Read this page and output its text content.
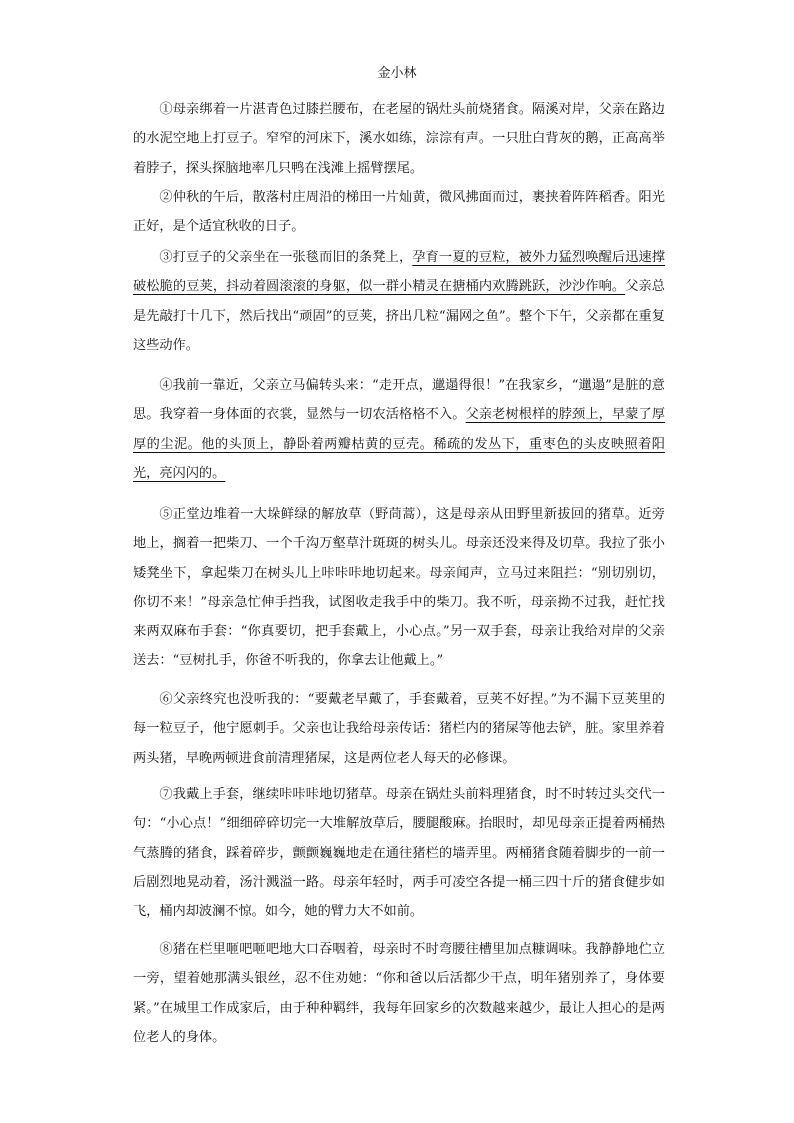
金小林

①母亲绑着一片湛青色过膝拦腰布，在老屋的锅灶头前烧猪食。隔溪对岸，父亲在路边的水泥空地上打豆子。窄窄的河床下，溪水如练，淙淙有声。一只肚白背灰的鹅，正高高举着脖子，探头探脑地率几只鸭在浅滩上摇臂摆尾。

②仲秋的午后，散落村庄周沿的梯田一片灿黄，微风拂面而过，裹挟着阵阵稻香。阳光正好，是个适宜秋收的日子。

③打豆子的父亲坐在一张毯而旧的条凳上，孕育一夏的豆粒，被外力猛烈唤醒后迅速撑破松脆的豆荚，抖动着圆滚滚的身躯，似一群小精灵在搪桶内欢腾跳跃，沙沙作响。父亲总是先敲打十几下，然后找出“顽固”的豆荚，挤出几粒“漏网之鱼”。整个下午，父亲都在重复这些动作。

④我前一靠近，父亲立马偏转头来：“走开点，邋遢得很！”在我家乡，“邋遢”是脏的意思。我穿着一身体面的衣裳，显然与一切农活格格不入。父亲老树根样的脖颈上，早蒙了厚厚的尘泥。他的头顶上，静卧着两瓣枯黄的豆壳。稀疏的发丛下，重枣色的头皮映照着阳光，亮闪闪的。

⑤正堂边堆着一大垛鲜绿的解放草（野茼蒿），这是母亲从田野里新拔回的猪草。近旁地上，搁着一把柴刀、一个千沟万壑草汁斑斑的树头儿。母亲还没来得及切草。我拉了张小矮凳坐下，拿起柴刀在树头儿上咔咔咔地切起来。母亲闻声，立马过来阻拦：“别切别切，你切不来！”母亲急忙伸手挡我，试图收走我手中的柴刀。我不听，母亲拗不过我，赶忙找来两双麻布手套：“你真要切，把手套戴上，小心点。”另一双手套，母亲让我给对岸的父亲送去：“豆树扎手，你爸不听我的，你拿去让他戴上。”

⑥父亲终究也没听我的：“要戴老早戴了，手套戴着，豆荚不好捏。”为不漏下豆荚里的每一粒豆子，他宁愿刺手。父亲也让我给母亲传话：猪栏内的猪屎等他去铲，脏。家里养着两头猪，早晚两顿进食前清理猪屎，这是两位老人每天的必修课。

⑦我戴上手套，继续咔咔咔地切猪草。母亲在锅灶头前料理猪食，时不时转过头交代一句：“小心点！”细细碎碎切完一大堆解放草后，腰腿酸麻。抬眼时，却见母亲正提着两桶热气蒸腾的猪食，踩着碎步，颤颤巍巍地走在通往猪栏的墙弄里。两桶猪食随着脚步的一前一后剧烈地晃动着，汤汁溅溢一路。母亲年轻时，两手可凌空各提一桶三四十斤的猪食健步如飞，桶内却波澜不惊。如今，她的臂力大不如前。

⑧猪在栏里咂吧咂吧地大口吞咽着，母亲时不时弯腰往槽里加点糠调味。我静静地伫立一旁，望着她那满头银丝，忍不住劝她：“你和爸以后活都少干点，明年猪别养了，身体要紧。”在城里工作成家后，由于种种羁绊，我每年回家乡的次数越来越少，最让人担心的是两位老人的身体。
